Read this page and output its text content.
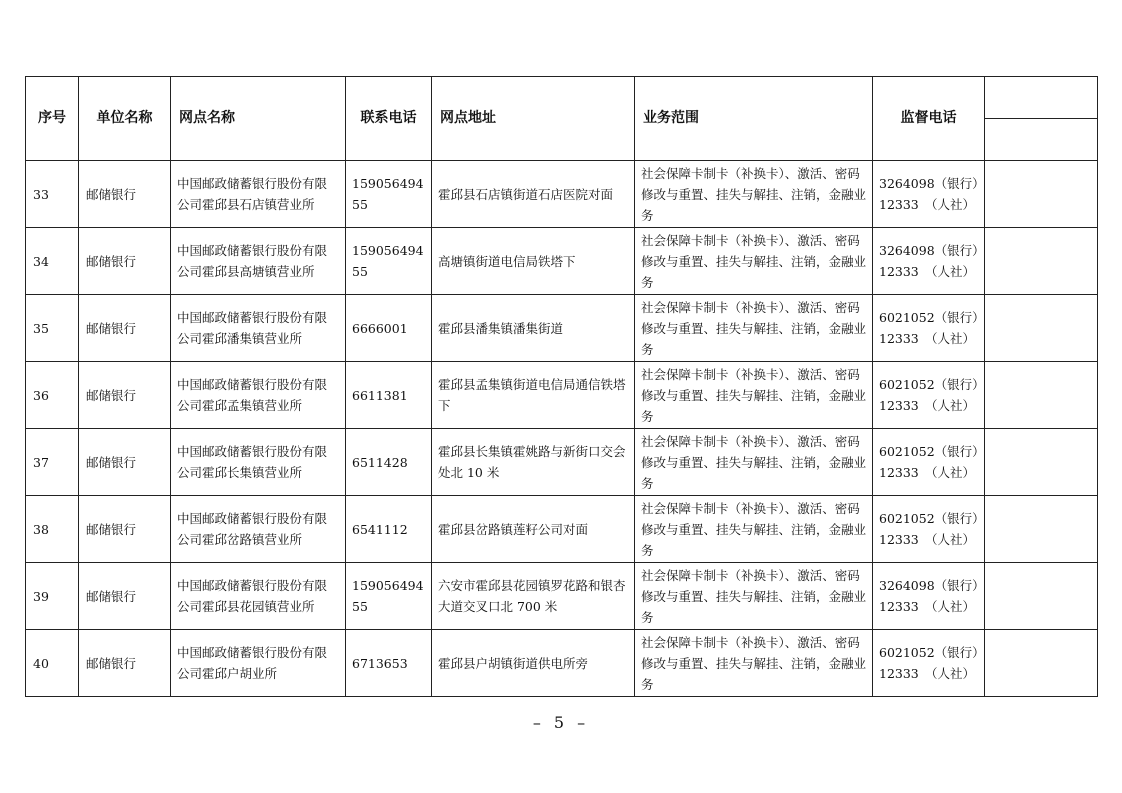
序号	单位名称	网点名称	联系电话	网点地址	业务范围	监督电话	

33	邮储银行	中国邮政储蓄银行股份有限公司霍邱县石店镇营业所	15905649455	霍邱县石店镇街道石店医院对面	社会保障卡制卡（补换卡）、激活、密码修改与重置、挂失与解挂、注销，金融业务	3264098（银行）
12333　（人社）	

34	邮储银行	中国邮政储蓄银行股份有限公司霍邱县高塘镇营业所	15905649455	高塘镇街道电信局铁塔下	社会保障卡制卡（补换卡）、激活、密码修改与重置、挂失与解挂、注销，金融业务	3264098（银行）
12333　（人社）	

35	邮储银行	中国邮政储蓄银行股份有限公司霍邱潘集镇营业所	6666001	霍邱县潘集镇潘集街道	社会保障卡制卡（补换卡）、激活、密码修改与重置、挂失与解挂、注销，金融业务	6021052（银行）
12333　（人社）	

36	邮储银行	中国邮政储蓄银行股份有限公司霍邱孟集镇营业所	6611381	霍邱县孟集镇街道电信局通信铁塔下	社会保障卡制卡（补换卡）、激活、密码修改与重置、挂失与解挂、注销，金融业务	6021052（银行）
12333　（人社）	

37	邮储银行	中国邮政储蓄银行股份有限公司霍邱长集镇营业所	6511428	霍邱县长集镇霍姚路与新街口交会处北 10 米	社会保障卡制卡（补换卡）、激活、密码修改与重置、挂失与解挂、注销，金融业务	6021052（银行）
12333　（人社）	

38	邮储银行	中国邮政储蓄银行股份有限公司霍邱岔路镇营业所	6541112	霍邱县岔路镇莲籽公司对面	社会保障卡制卡（补换卡）、激活、密码修改与重置、挂失与解挂、注销，金融业务	6021052（银行）
12333　（人社）	

39	邮储银行	中国邮政储蓄银行股份有限公司霍邱县花园镇营业所	15905649455	六安市霍邱县花园镇罗花路和银杏大道交叉口北 700 米	社会保障卡制卡（补换卡）、激活、密码修改与重置、挂失与解挂、注销，金融业务	3264098（银行）
12333　（人社）	

40	邮储银行	中国邮政储蓄银行股份有限公司霍邱户胡业所	6713653	霍邱县户胡镇街道供电所旁	社会保障卡制卡（补换卡）、激活、密码修改与重置、挂失与解挂、注销，金融业务	6021052（银行）
12333　（人社）	

– 5 –
